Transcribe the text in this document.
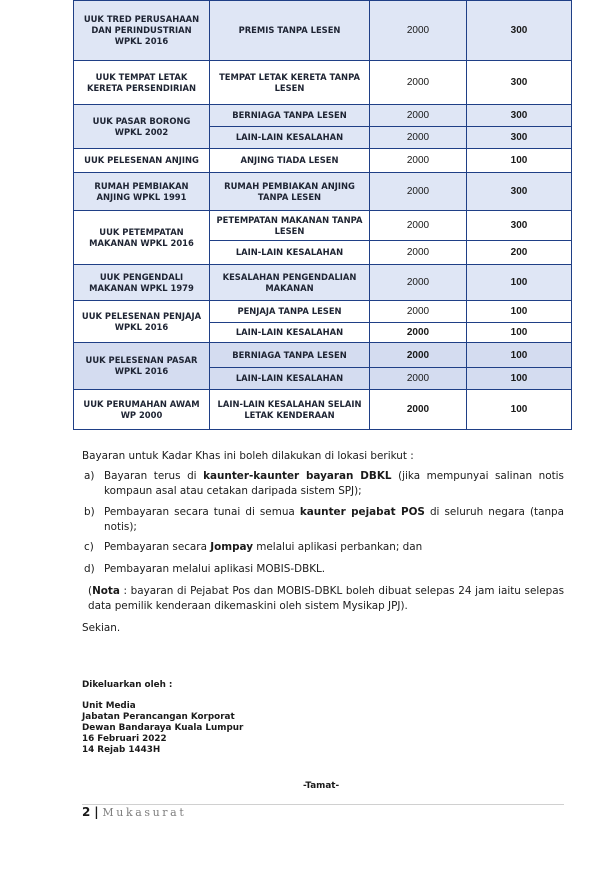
UUK TRED PERUSAHAAN DAN PERINDUSTRIAN WPKL 2016	PREMIS TANPA LESEN	2000	300
UUK TEMPAT LETAK KERETA PERSENDIRIAN	TEMPAT LETAK KERETA TANPA LESEN	2000	300
UUK PASAR BORONG WPKL 2002	BERNIAGA TANPA LESEN	2000	300
	LAIN-LAIN KESALAHAN	2000	300
UUK PELESENAN ANJING	ANJING TIADA LESEN	2000	100
RUMAH PEMBIAKAN ANJING WPKL 1991	RUMAH PEMBIAKAN ANJING TANPA LESEN	2000	300
UUK PETEMPATAN MAKANAN WPKL 2016	PETEMPATAN MAKANAN TANPA LESEN	2000	300
	LAIN-LAIN KESALAHAN	2000	200
UUK PENGENDALI MAKANAN WPKL 1979	KESALAHAN PENGENDALIAN MAKANAN	2000	100
UUK PELESENAN PENJAJA WPKL 2016	PENJAJA TANPA LESEN	2000	100
	LAIN-LAIN KESALAHAN	2000	100
UUK PELESENAN PASAR WPKL 2016	BERNIAGA TANPA LESEN	2000	100
	LAIN-LAIN KESALAHAN	2000	100
UUK PERUMAHAN AWAM WP 2000	LAIN-LAIN KESALAHAN SELAIN LETAK KENDERAAN	2000	100
Bayaran untuk Kadar Khas ini boleh dilakukan di lokasi berikut :
a) Bayaran terus di kaunter-kaunter bayaran DBKL (jika mempunyai salinan notis kompaun asal atau cetakan daripada sistem SPJ);
b) Pembayaran secara tunai di semua kaunter pejabat POS di seluruh negara (tanpa notis);
c) Pembayaran secara Jompay melalui aplikasi perbankan; dan
d) Pembayaran melalui aplikasi MOBIS-DBKL.
(Nota : bayaran di Pejabat Pos dan MOBIS-DBKL boleh dibuat selepas 24 jam iaitu selepas data pemilik kenderaan dikemaskini oleh sistem Mysikap JPJ).
Sekian.
Dikeluarkan oleh :
Unit Media
Jabatan Perancangan Korporat
Dewan Bandaraya Kuala Lumpur
16 Februari 2022
14 Rejab 1443H
-Tamat-
2 | Mukasurat
